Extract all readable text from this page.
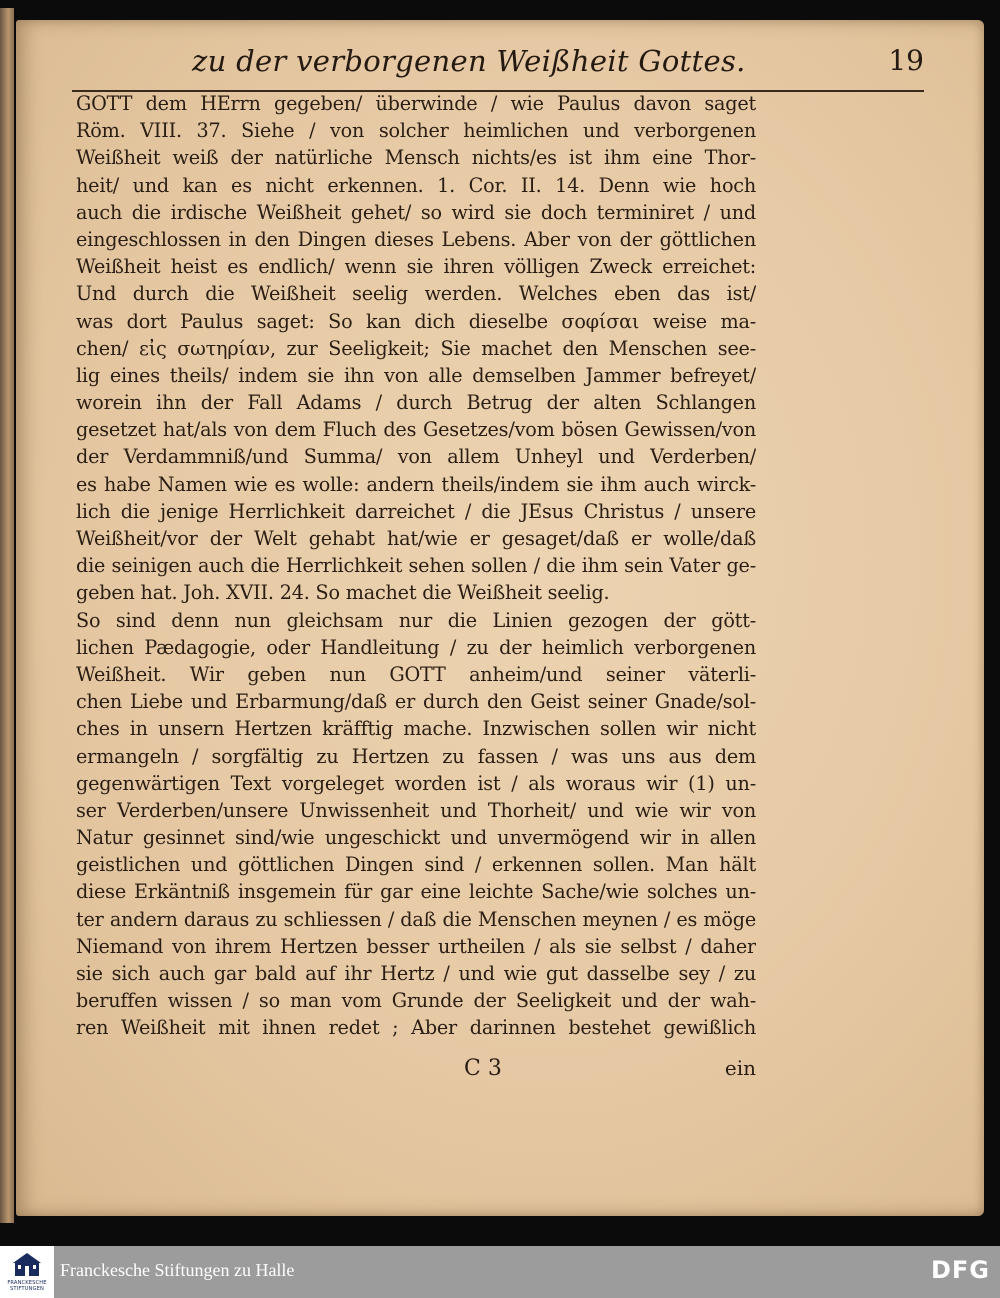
zu der verborgenen Weißheit Gottes.	19
GOTT dem HErrn gegeben/ überwinde / wie Paulus davon saget
Röm. VIII. 37. Siehe / von solcher heimlichen und verborgenen
Weißheit weiß der natürliche Mensch nichts/es ist ihm eine Thor-
heit/ und kan es nicht erkennen. 1. Cor. II. 14. Denn wie hoch
auch die irdische Weißheit gehet/ so wird sie doch terminiret / und
eingeschlossen in den Dingen dieses Lebens. Aber von der göttlichen
Weißheit heist es endlich/ wenn sie ihren völligen Zweck erreichet:
Und durch die Weißheit seelig werden. Welches eben das ist/
was dort Paulus saget: So kan dich dieselbe σοφίσαι weise ma-
chen/ εἰς σωτηρίαν, zur Seeligkeit; Sie machet den Menschen see-
lig eines theils/ indem sie ihn von alle demselben Jammer befreyet/
worein ihn der Fall Adams / durch Betrug der alten Schlangen
gesetzet hat/als von dem Fluch des Gesetzes/vom bösen Gewissen/von
der Verdammniß/und Summa/ von allem Unheyl und Verderben/
es habe Namen wie es wolle: andern theils/indem sie ihm auch wirck-
lich die jenige Herrlichkeit darreichet / die JEsus Christus / unsere
Weißheit/vor der Welt gehabt hat/wie er gesaget/daß er wolle/daß
die seinigen auch die Herrlichkeit sehen sollen / die ihm sein Vater ge-
geben hat. Joh. XVII. 24. So machet die Weißheit seelig.
So sind denn nun gleichsam nur die Linien gezogen der gött-
lichen Pædagogie, oder Handleitung / zu der heimlich verborgenen
Weißheit. Wir geben nun GOTT anheim/und seiner väterli-
chen Liebe und Erbarmung/daß er durch den Geist seiner Gnade/sol-
ches in unsern Hertzen kräfftig mache. Inzwischen sollen wir nicht
ermangeln / sorgfältig zu Hertzen zu fassen / was uns aus dem
gegenwärtigen Text vorgeleget worden ist / als woraus wir (1) un-
ser Verderben/unsere Unwissenheit und Thorheit/ und wie wir von
Natur gesinnet sind/wie ungeschickt und unvermögend wir in allen
geistlichen und göttlichen Dingen sind / erkennen sollen. Man hält
diese Erkäntniß insgemein für gar eine leichte Sache/wie solches un-
ter andern daraus zu schliessen / daß die Menschen meynen / es möge
Niemand von ihrem Hertzen besser urtheilen / als sie selbst / daher
sie sich auch gar bald auf ihr Hertz / und wie gut dasselbe sey / zu
beruffen wissen / so man vom Grunde der Seeligkeit und der wah-
ren Weißheit mit ihnen redet ; Aber darinnen bestehet gewißlich
C 3	ein
FRANCKESCHE STIFTUNGEN
Franckesche Stiftungen zu Halle	DFG
